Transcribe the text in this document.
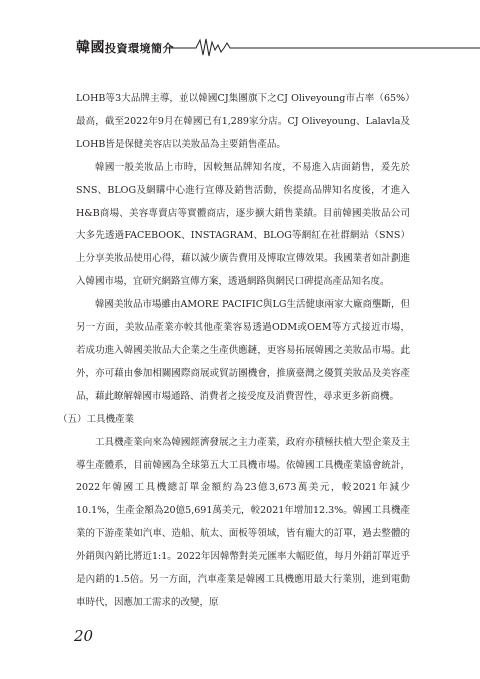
韓國投資環境簡介

LOHB等3大品牌主導，並以韓國CJ集團旗下之CJ Oliveyoung市占率（65%）最高，截至2022年9月在韓國已有1,289家分店。CJ Oliveyoung、Lalavla及LOHB皆是保健美容店以美妝品為主要銷售產品。

韓國一般美妝品上市時，因較無品牌知名度，不易進入店面銷售，爰先於SNS、BLOG及網購中心進行宣傳及銷售活動，俟提高品牌知名度後，才進入H&B商場、美容專賣店等實體商店，逐步擴大銷售業績。目前韓國美妝品公司大多先透過FACEBOOK、INSTAGRAM、BLOG等網紅在社群網站（SNS）上分享美妝品使用心得，藉以減少廣告費用及博取宣傳效果。我國業者如計劃進入韓國市場，宜研究網路宣傳方案，透過網路與網民口碑提高產品知名度。

韓國美妝品市場雖由AMORE PACIFIC與LG生活健康兩家大廠商壟斷，但另一方面，美妝品產業亦較其他產業容易透過ODM或OEM等方式接近市場，若成功進入韓國美妝品大企業之生產供應鏈，更容易拓展韓國之美妝品市場。此外，亦可藉由參加相關國際商展或貿訪團機會，推廣臺灣之優質美妝品及美容產品，藉此瞭解韓國市場通路、消費者之接受度及消費習性，尋求更多新商機。

（五）工具機產業

工具機產業向來為韓國經濟發展之主力產業，政府亦積極扶植大型企業及主導生產體系，目前韓國為全球第五大工具機市場。依韓國工具機產業協會統計，2022年韓國工具機總訂單金額約為23億3,673萬美元，較2021年減少10.1%，生產金額為20億5,691萬美元，較2021年增加12.3%。韓國工具機產業的下游產業如汽車、造船、航太、面板等領域，皆有龐大的訂單，過去整體的外銷與內銷比將近1:1。2022年因韓幣對美元匯率大幅貶值，每月外銷訂單近乎是內銷的1.5倍。另一方面，汽車產業是韓國工具機應用最大行業別，進到電動車時代，因應加工需求的改變，原

20
